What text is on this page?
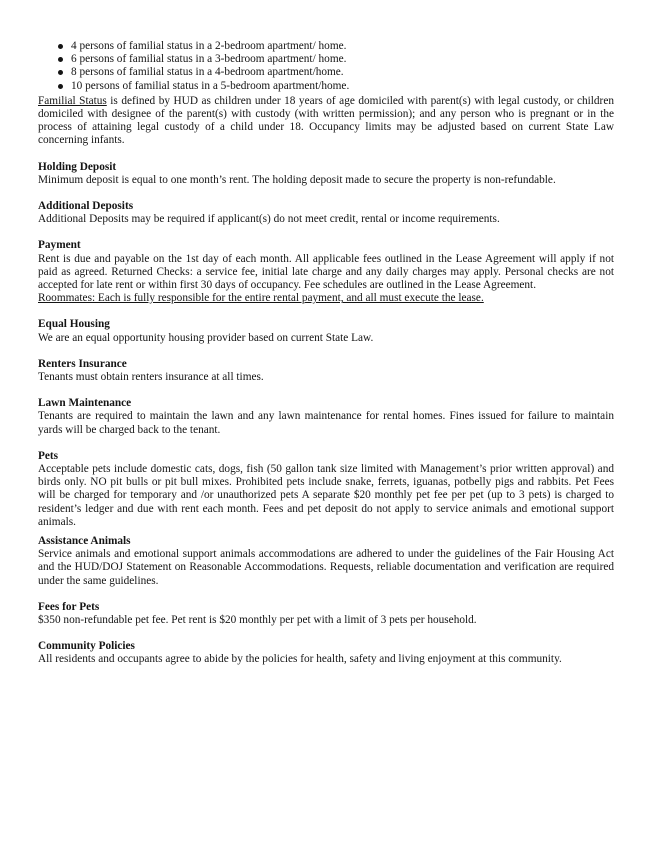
4 persons of familial status in a 2-bedroom apartment/ home.
6 persons of familial status in a 3-bedroom apartment/ home.
8 persons of familial status in a 4-bedroom apartment/home.
10 persons of familial status in a 5-bedroom apartment/home.

Familial Status is defined by HUD as children under 18 years of age domiciled with parent(s) with legal custody, or children domiciled with designee of the parent(s) with custody (with written permission); and any person who is pregnant or in the process of attaining legal custody of a child under 18. Occupancy limits may be adjusted based on current State Law concerning infants.

Holding Deposit

Minimum deposit is equal to one month’s rent. The holding deposit made to secure the property is non-refundable.

Additional Deposits

Additional Deposits may be required if applicant(s) do not meet credit, rental or income requirements.

Payment

Rent is due and payable on the 1st day of each month. All applicable fees outlined in the Lease Agreement will apply if not paid as agreed. Returned Checks: a service fee, initial late charge and any daily charges may apply. Personal checks are not accepted for late rent or within first 30 days of occupancy. Fee schedules are outlined in the Lease Agreement.

Roommates: Each is fully responsible for the entire rental payment, and all must execute the lease.

Equal Housing

We are an equal opportunity housing provider based on current State Law.

Renters Insurance

Tenants must obtain renters insurance at all times.

Lawn Maintenance

Tenants are required to maintain the lawn and any lawn maintenance for rental homes. Fines issued for failure to maintain yards will be charged back to the tenant.

Pets

Acceptable pets include domestic cats, dogs, fish (50 gallon tank size limited with Management’s prior written approval) and birds only. NO pit bulls or pit bull mixes. Prohibited pets include snake, ferrets, iguanas, potbelly pigs and rabbits. Pet Fees will be charged for temporary and /or unauthorized pets A separate $20 monthly pet fee per pet (up to 3 pets) is charged to resident’s ledger and due with rent each month. Fees and pet deposit do not apply to service animals and emotional support animals.

Assistance Animals

Service animals and emotional support animals accommodations are adhered to under the guidelines of the Fair Housing Act and the HUD/DOJ Statement on Reasonable Accommodations. Requests, reliable documentation and verification are required under the same guidelines.

Fees for Pets

$350 non-refundable pet fee. Pet rent is $20 monthly per pet with a limit of 3 pets per household.

Community Policies

All residents and occupants agree to abide by the policies for health, safety and living enjoyment at this community.
